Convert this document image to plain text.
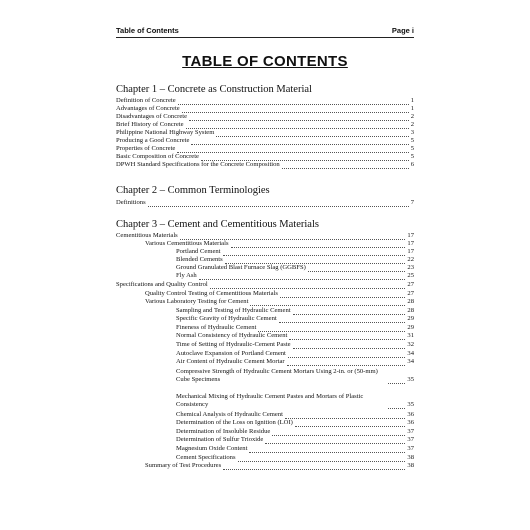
Table of Contents	Page i
TABLE OF CONTENTS
Chapter 1 – Concrete as Construction Material
Definition of Concrete	1
Advantages of Concrete	1
Disadvantages of Concrete	2
Brief History of Concrete	2
Philippine National Highway System	3
Producing a Good Concrete	5
Properties of Concrete	5
Basic Composition of Concrete	5
DPWH Standard Specifications for the Concrete Composition	6
Chapter 2 – Common Terminologies
Definitions	7
Chapter 3 – Cement and Cementitious Materials
Cementitious Materials	17
Various Cementitious Materials	17
Portland Cement	17
Blended Cements	22
Ground Granulated Blast Furnace Slag (GGBFS)	23
Fly Ash	25
Specifications and Quality Control	27
Quality Control Testing of Cementitious Materials	27
Various Laboratory Testing for Cement	28
Sampling and Testing of Hydraulic Cement	28
Specific Gravity of Hydraulic Cement	29
Fineness of Hydraulic Cement	29
Normal Consistency of Hydraulic Cement	31
Time of Setting of Hydraulic-Cement Paste	32
Autoclave Expansion of Portland Cement	34
Air Content of Hydraulic Cement Mortar	34
Compressive Strength of Hydraulic Cement Mortars Using 2-in. or (50-mm) Cube Specimens	35
Mechanical Mixing of Hydraulic Cement Pastes and Mortars of Plastic Consistency	35
Chemical Analysis of Hydraulic Cement	36
Determination of the Loss on Ignition (LOI)	36
Determination of Insoluble Residue	37
Determination of Sulfur Trioxide	37
Magnesium Oxide Content	37
Cement Specifications	38
Summary of Test Procedures	38
